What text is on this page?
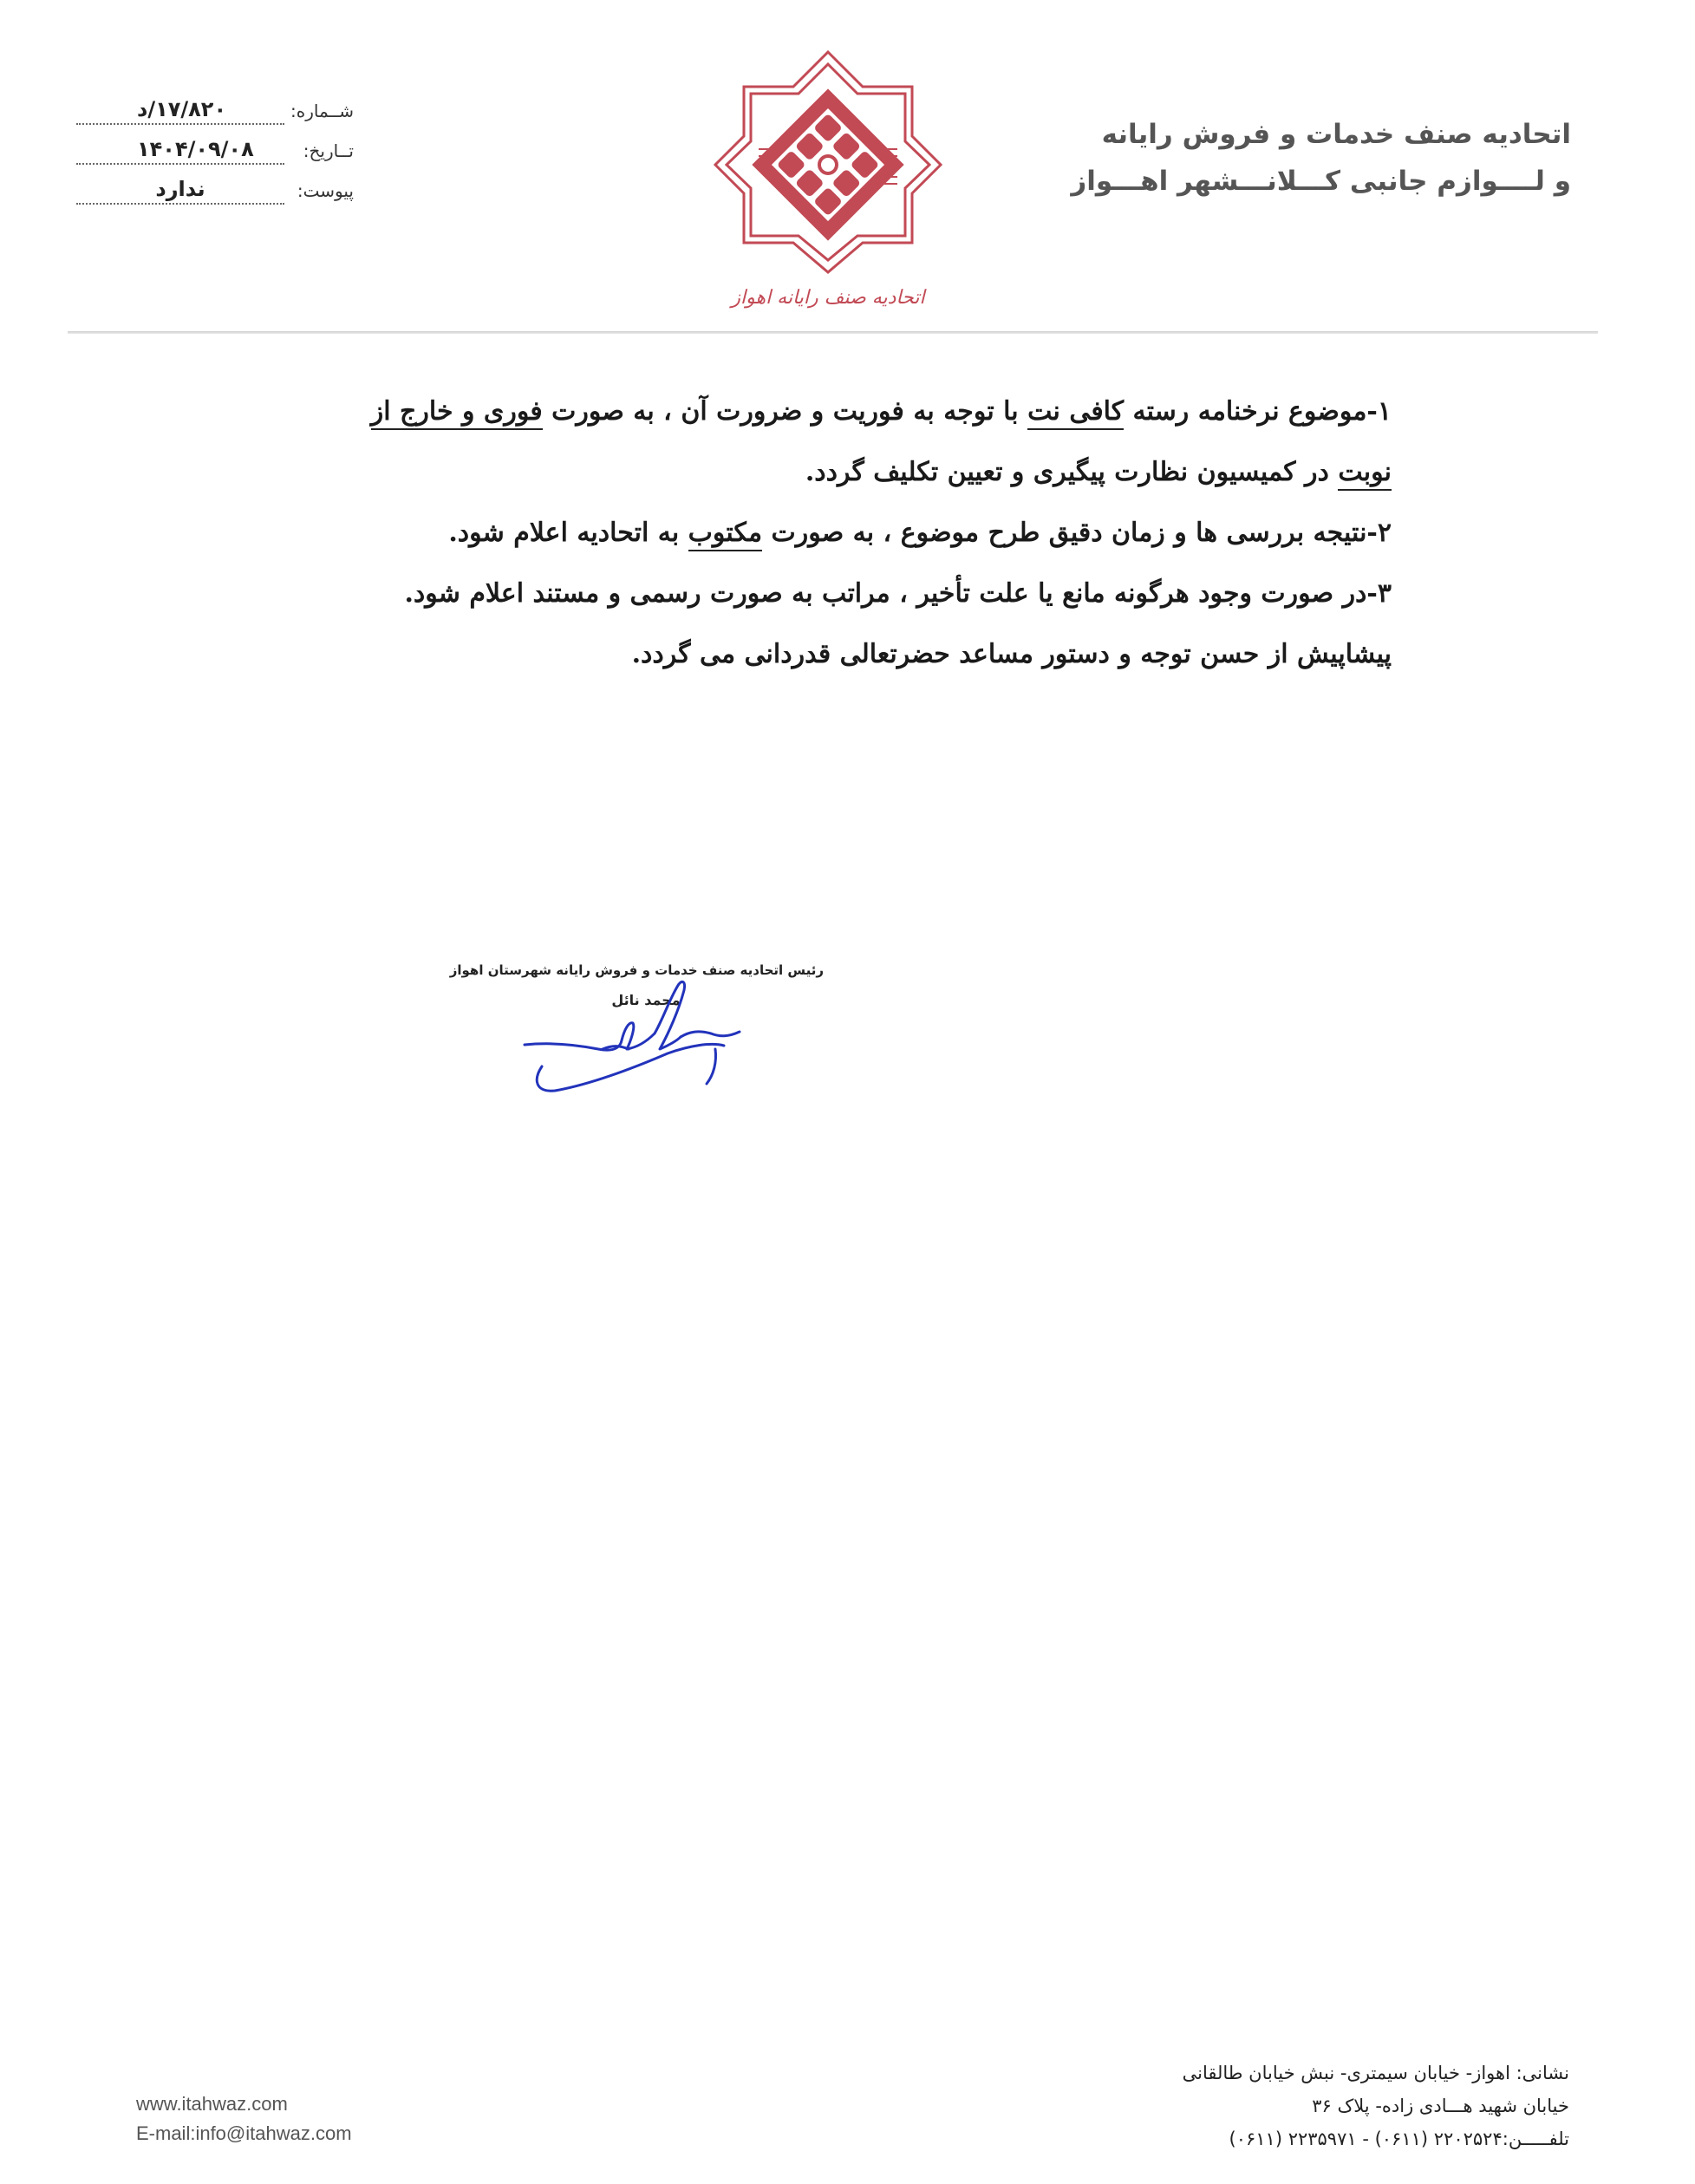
اتحادیه صنف خدمات و فروش رایانه
و لــــوازم جانبی کـــلانـــشهر اهـــواز
شــماره:
۱۷/۸۲۰/د
تــاریخ:
۱۴۰۴/۰۹/۰۸
پیوست:
ندارد
اتحادیه صنف رایانه اهواز
۱-موضوع نرخنامه رسته کافی نت با توجه به فوریت و ضرورت آن ، به صورت فوری و خارج از
نوبت در کمیسیون نظارت پیگیری و تعیین تکلیف گردد.
۲-نتیجه بررسی ها و زمان دقیق طرح موضوع ، به صورت مکتوب به اتحادیه اعلام شود.
۳-در صورت وجود هرگونه مانع یا علت تأخیر ، مراتب به صورت رسمی و مستند اعلام شود.
پیشاپیش از حسن توجه و دستور مساعد حضرتعالی قدردانی می گردد.
رئیس اتحادیه صنف خدمات و فروش رایانه شهرستان اهواز
محمد نائل
نشانی: اهواز- خیابان سیمتری- نبش خیابان طالقانی
خیابان شهید هـــادی زاده- پلاک ۳۶
تلفـــــن:۲۲۰۲۵۲۴ (۰۶۱۱) - ۲۲۳۵۹۷۱ (۰۶۱۱)
www.itahwaz.com
E-mail:info@itahwaz.com
